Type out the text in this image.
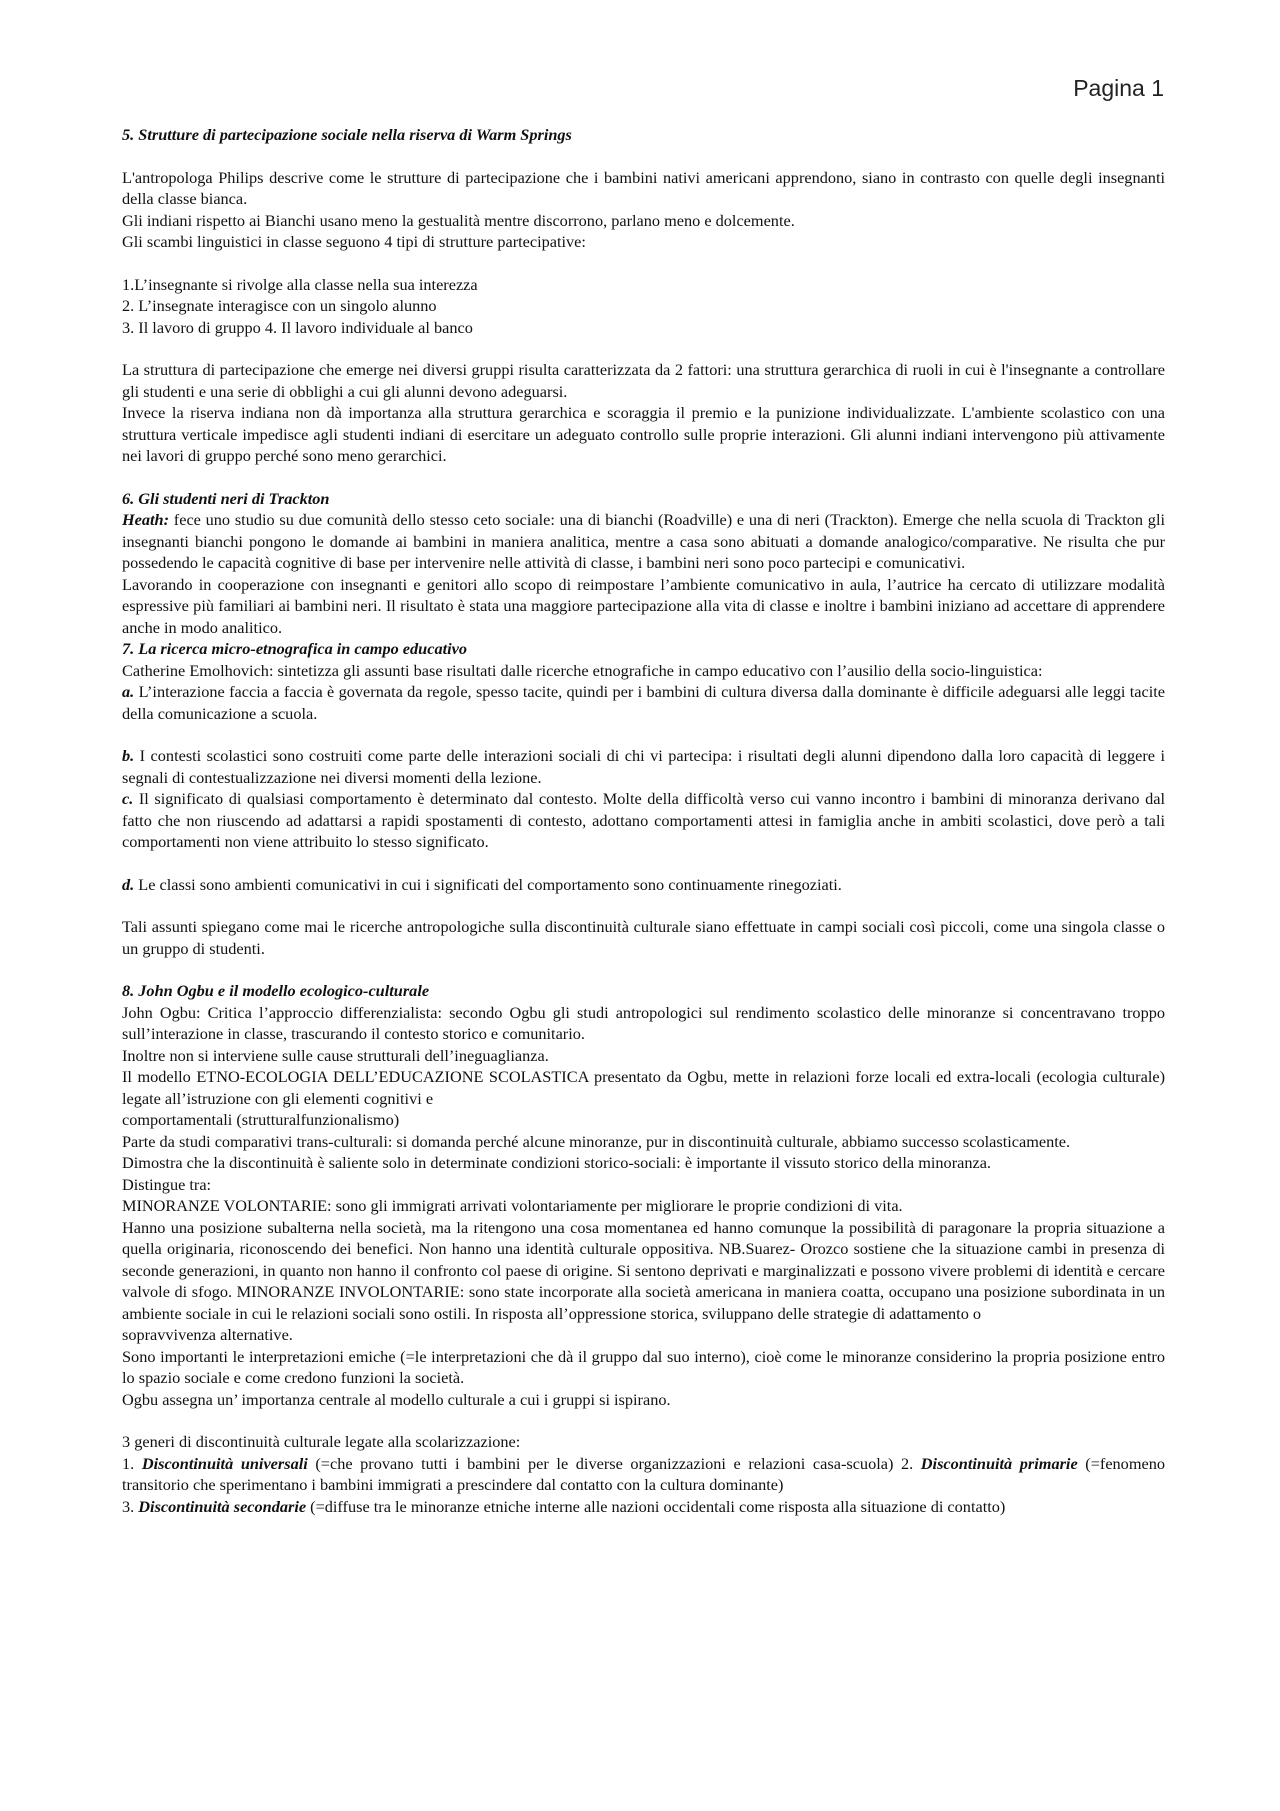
Pagina 1

5. Strutture di partecipazione sociale nella riserva di Warm Springs

L'antropologa Philips descrive come le strutture di partecipazione che i bambini nativi americani apprendono, siano in contrasto con quelle degli insegnanti della classe bianca.

Gli indiani rispetto ai Bianchi usano meno la gestualità mentre discorrono, parlano meno e dolcemente.

Gli scambi linguistici in classe seguono 4 tipi di strutture partecipative:

1.L’insegnante si rivolge alla classe nella sua interezza

2. L’insegnate interagisce con un singolo alunno

3. Il lavoro di gruppo 4. Il lavoro individuale al banco

La struttura di partecipazione che emerge nei diversi gruppi risulta caratterizzata da 2 fattori: una struttura gerarchica di ruoli in cui è l'insegnante a controllare gli studenti e una serie di obblighi a cui gli alunni devono adeguarsi.

Invece la riserva indiana non dà importanza alla struttura gerarchica e scoraggia il premio e la punizione individualizzate. L'ambiente scolastico con una struttura verticale impedisce agli studenti indiani di esercitare un adeguato controllo sulle proprie interazioni. Gli alunni indiani intervengono più attivamente nei lavori di gruppo perché sono meno gerarchici.

6. Gli studenti neri di Trackton

Heath: fece uno studio su due comunità dello stesso ceto sociale: una di bianchi (Roadville) e una di neri (Trackton). Emerge che nella scuola di Trackton gli insegnanti bianchi pongono le domande ai bambini in maniera analitica, mentre a casa sono abituati a domande analogico/comparative. Ne risulta che pur possedendo le capacità cognitive di base per intervenire nelle attività di classe, i bambini neri sono poco partecipi e comunicativi.

Lavorando in cooperazione con insegnanti e genitori allo scopo di reimpostare l’ambiente comunicativo in aula, l’autrice ha cercato di utilizzare modalità espressive più familiari ai bambini neri. Il risultato è stata una maggiore partecipazione alla vita di classe e inoltre i bambini iniziano ad accettare di apprendere anche in modo analitico.

7. La ricerca micro-etnografica in campo educativo

Catherine Emolhovich: sintetizza gli assunti base risultati dalle ricerche etnografiche in campo educativo con l’ausilio della socio-linguistica:

a. L’interazione faccia a faccia è governata da regole, spesso tacite, quindi per i bambini di cultura diversa dalla dominante è difficile adeguarsi alle leggi tacite della comunicazione a scuola.

b. I contesti scolastici sono costruiti come parte delle interazioni sociali di chi vi partecipa: i risultati degli alunni dipendono dalla loro capacità di leggere i segnali di contestualizzazione nei diversi momenti della lezione.

c. Il significato di qualsiasi comportamento è determinato dal contesto. Molte della difficoltà verso cui vanno incontro i bambini di minoranza derivano dal fatto che non riuscendo ad adattarsi a rapidi spostamenti di contesto, adottano comportamenti attesi in famiglia anche in ambiti scolastici, dove però a tali comportamenti non viene attribuito lo stesso significato.

d. Le classi sono ambienti comunicativi in cui i significati del comportamento sono continuamente rinegoziati.

Tali assunti spiegano come mai le ricerche antropologiche sulla discontinuità culturale siano effettuate in campi sociali così piccoli, come una singola classe o un gruppo di studenti.

8. John Ogbu e il modello ecologico-culturale

John Ogbu: Critica l’approccio differenzialista: secondo Ogbu gli studi antropologici sul rendimento scolastico delle minoranze si concentravano troppo sull’interazione in classe, trascurando il contesto storico e comunitario.

Inoltre non si interviene sulle cause strutturali dell’ineguaglianza.

Il modello ETNO-ECOLOGIA DELL’EDUCAZIONE SCOLASTICA presentato da Ogbu, mette in relazioni forze locali ed extra-locali (ecologia culturale) legate all’istruzione con gli elementi cognitivi e

comportamentali (strutturalfunzionalismo)

Parte da studi comparativi trans-culturali: si domanda perché alcune minoranze, pur in discontinuità culturale, abbiamo successo scolasticamente.

Dimostra che la discontinuità è saliente solo in determinate condizioni storico-sociali: è importante il vissuto storico della minoranza.

Distingue tra:

MINORANZE VOLONTARIE: sono gli immigrati arrivati volontariamente per migliorare le proprie condizioni di vita.

Hanno una posizione subalterna nella società, ma la ritengono una cosa momentanea ed hanno comunque la possibilità di paragonare la propria situazione a quella originaria, riconoscendo dei benefici. Non hanno una identità culturale oppositiva. NB.Suarez- Orozco sostiene che la situazione cambi in presenza di seconde generazioni, in quanto non hanno il confronto col paese di origine. Si sentono deprivati e marginalizzati e possono vivere problemi di identità e cercare valvole di sfogo. MINORANZE INVOLONTARIE: sono state incorporate alla società americana in maniera coatta, occupano una posizione subordinata in un ambiente sociale in cui le relazioni sociali sono ostili. In risposta all’oppressione storica, sviluppano delle strategie di adattamento o

sopravvivenza alternative.

Sono importanti le interpretazioni emiche (=le interpretazioni che dà il gruppo dal suo interno), cioè come le minoranze considerino la propria posizione entro lo spazio sociale e come credono funzioni la società.

Ogbu assegna un’ importanza centrale al modello culturale a cui i gruppi si ispirano.

3 generi di discontinuità culturale legate alla scolarizzazione:

1. Discontinuità universali (=che provano tutti i bambini per le diverse organizzazioni e relazioni casa-scuola) 2. Discontinuità primarie (=fenomeno transitorio che sperimentano i bambini immigrati a prescindere dal contatto con la cultura dominante)

3. Discontinuità secondarie (=diffuse tra le minoranze etniche interne alle nazioni occidentali come risposta alla situazione di contatto)
